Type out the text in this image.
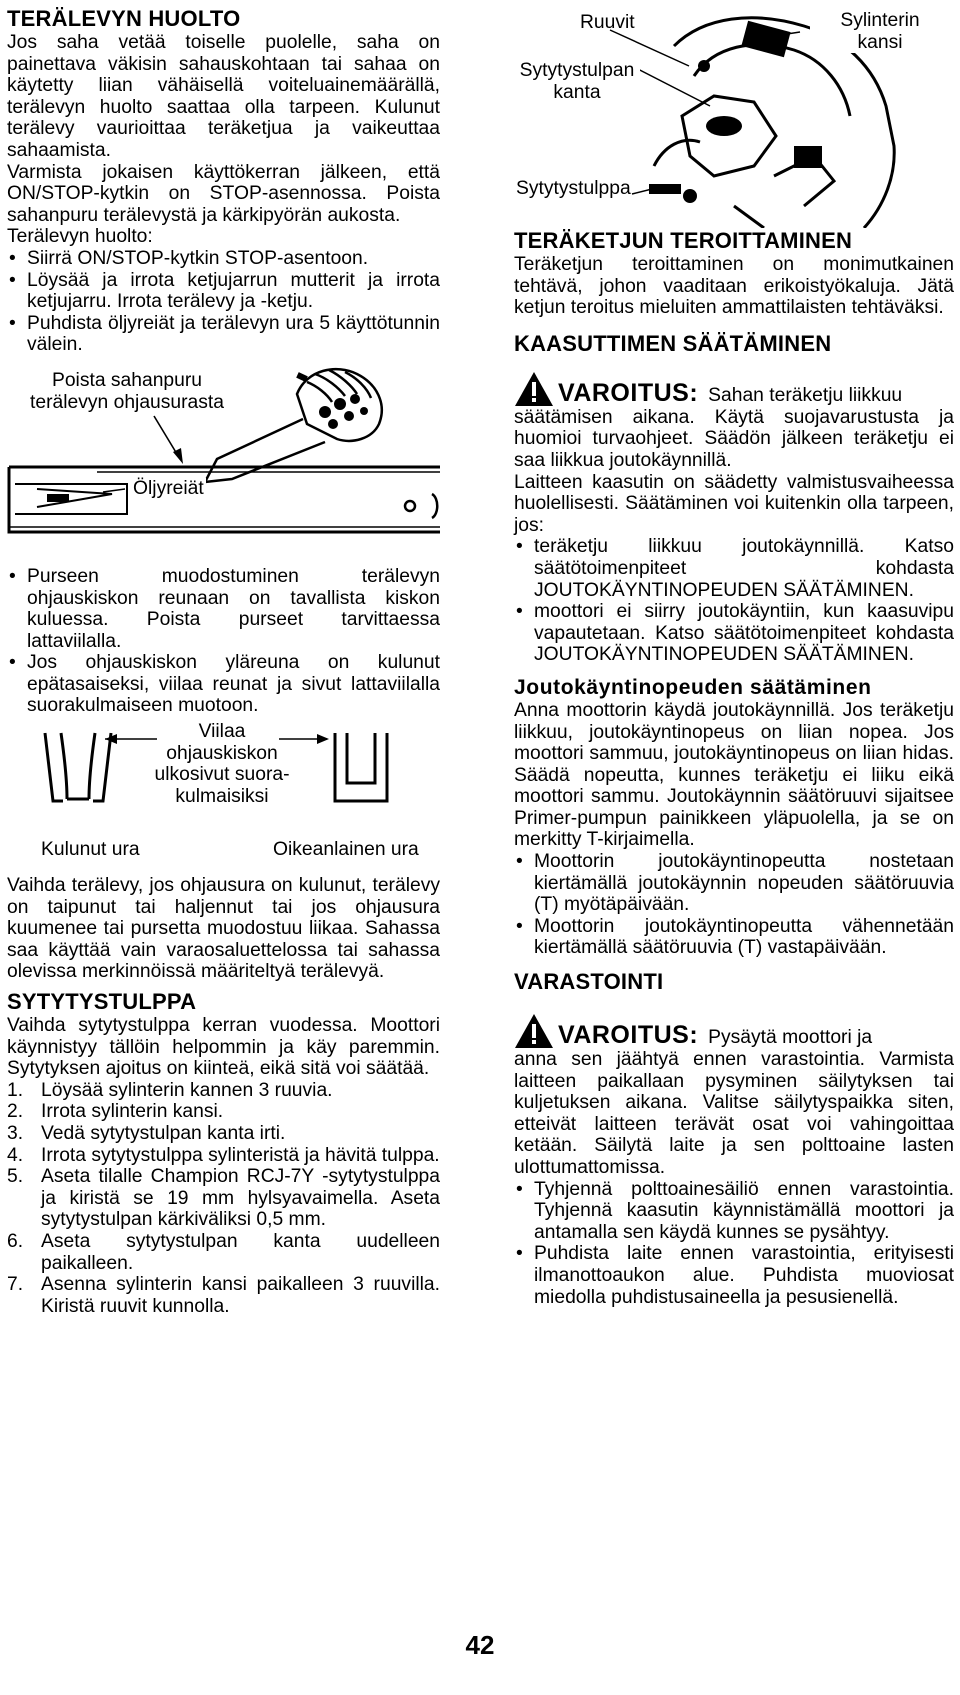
TERÄLEVYN HUOLTO

Jos saha vetää toiselle puolelle, saha on painettava väkisin sahauskohtaan tai sahaa on käytetty liian vähäisellä voiteluainemäärällä, terälevyn huolto saattaa olla tarpeen. Kulunut terälevy vaurioittaa teräketjua ja vaikeuttaa sahaamista.

Varmista jokaisen käyttökerran jälkeen, että ON/STOP-kytkin on STOP-asennossa. Poista sahanpuru terälevystä ja kärkipyörän aukosta.

Terälevyn huolto:

• Siirrä ON/STOP-kytkin STOP-asentoon.
• Löysää ja irrota ketjujarrun mutterit ja irrota ketjujarru. Irrota terälevy ja -ketju.
• Puhdista öljyreiät ja terälevyn ura 5 käyttötunnin välein.
Poista sahanpuru
terälevyn ohjausurasta
Öljyreiät
• Purseen muodostuminen terälevyn ohjauskiskon reunaan on tavallista kiskon kuluessa. Poista purseet tarvittaessa lattaviilalla.
• Jos ohjauskiskon yläreuna on kulunut epätasaiseksi, viilaa reunat ja sivut lattaviilalla suorakulmaiseen muotoon.
Viilaa
ohjauskiskon
ulkosivut suora-
kulmaisiksi
Kulunut ura	Oikeanlainen ura

Vaihda terälevy, jos ohjausura on kulunut, terälevy on taipunut tai haljennut tai jos ohjausura kuumenee tai pursetta muodostuu liikaa. Sahassa saa käyttää vain varaosaluettelossa tai sahassa olevissa merkinnöissä määriteltyä terälevyä.

SYTYTYSTULPPA

Vaihda sytytystulppa kerran vuodessa. Moottori käynnistyy tällöin helpommin ja käy paremmin. Sytytyksen ajoitus on kiinteä, eikä sitä voi säätää.

1. Löysää sylinterin kannen 3 ruuvia.
2. Irrota sylinterin kansi.
3. Vedä sytytystulpan kanta irti.
4. Irrota sytytystulppa sylinteristä ja hävitä tulppa.
5. Aseta tilalle Champion RCJ-7Y -sytytystulppa ja kiristä se 19 mm hylsyavaimella. Aseta sytytystulpan kärkiväliksi 0,5 mm.
6. Aseta sytytystulpan kanta uudelleen paikalleen.
7. Asenna sylinterin kansi paikalleen 3 ruuvilla. Kiristä ruuvit kunnolla.
Ruuvit	Sylinterin
kansi
Sytytystulpan
kanta
Sytytystulppa
TERÄKETJUN TEROITTAMINEN

Teräketjun teroittaminen on monimutkainen tehtävä, johon vaaditaan erikoistyökaluja. Jätä ketjun teroitus mieluiten ammattilaisten tehtäväksi.

KAASUTTIMEN SÄÄTÄMINEN
VAROITUS: Sahan teräketju liikkuu

säätämisen aikana. Käytä suojavarustusta ja huomioi turvaohjeet. Säädön jälkeen teräketju ei saa liikkua joutokäynnillä.

Laitteen kaasutin on säädetty valmistusvaiheessa huolellisesti. Säätäminen voi kuitenkin olla tarpeen, jos:

• teräketju liikkuu joutokäynnillä. Katso säätötoimenpiteet kohdasta JOUTOKÄYNTINOPEUDEN SÄÄTÄMINEN.
• moottori ei siirry joutokäyntiin, kun kaasuvipu vapautetaan. Katso säätötoimenpiteet kohdasta JOUTOKÄYNTINOPEUDEN SÄÄTÄMINEN.
Joutokäyntinopeuden säätäminen

Anna moottorin käydä joutokäynnillä. Jos teräketju liikkuu, joutokäyntinopeus on liian nopea. Jos moottori sammuu, joutokäyntinopeus on liian hidas. Säädä nopeutta, kunnes teräketju ei liiku eikä moottori sammu. Joutokäynnin säätöruuvi sijaitsee Primer-pumpun painikkeen yläpuolella, ja se on merkitty T-kirjaimella.

• Moottorin joutokäyntinopeutta nostetaan kiertämällä joutokäynnin nopeuden säätöruuvia (T) myötäpäivään.
• Moottorin joutokäyntinopeutta vähennetään kiertämällä säätöruuvia (T) vastapäivään.
VARASTOINTI
VAROITUS: Pysäytä moottori ja

anna sen jäähtyä ennen varastointia. Varmista laitteen paikallaan pysyminen säilytyksen tai kuljetuksen aikana. Valitse säilytyspaikka siten, etteivät laitteen terävät osat voi vahingoittaa ketään. Säilytä laite ja sen polttoaine lasten ulottumattomissa.

• Tyhjennä polttoainesäiliö ennen varastointia. Tyhjennä kaasutin käynnistämällä moottori ja antamalla sen käydä kunnes se pysähtyy.
• Puhdista laite ennen varastointia, erityisesti ilmanottoaukon alue. Puhdista muoviosat miedolla puhdistusaineella ja pesusienellä.
42
